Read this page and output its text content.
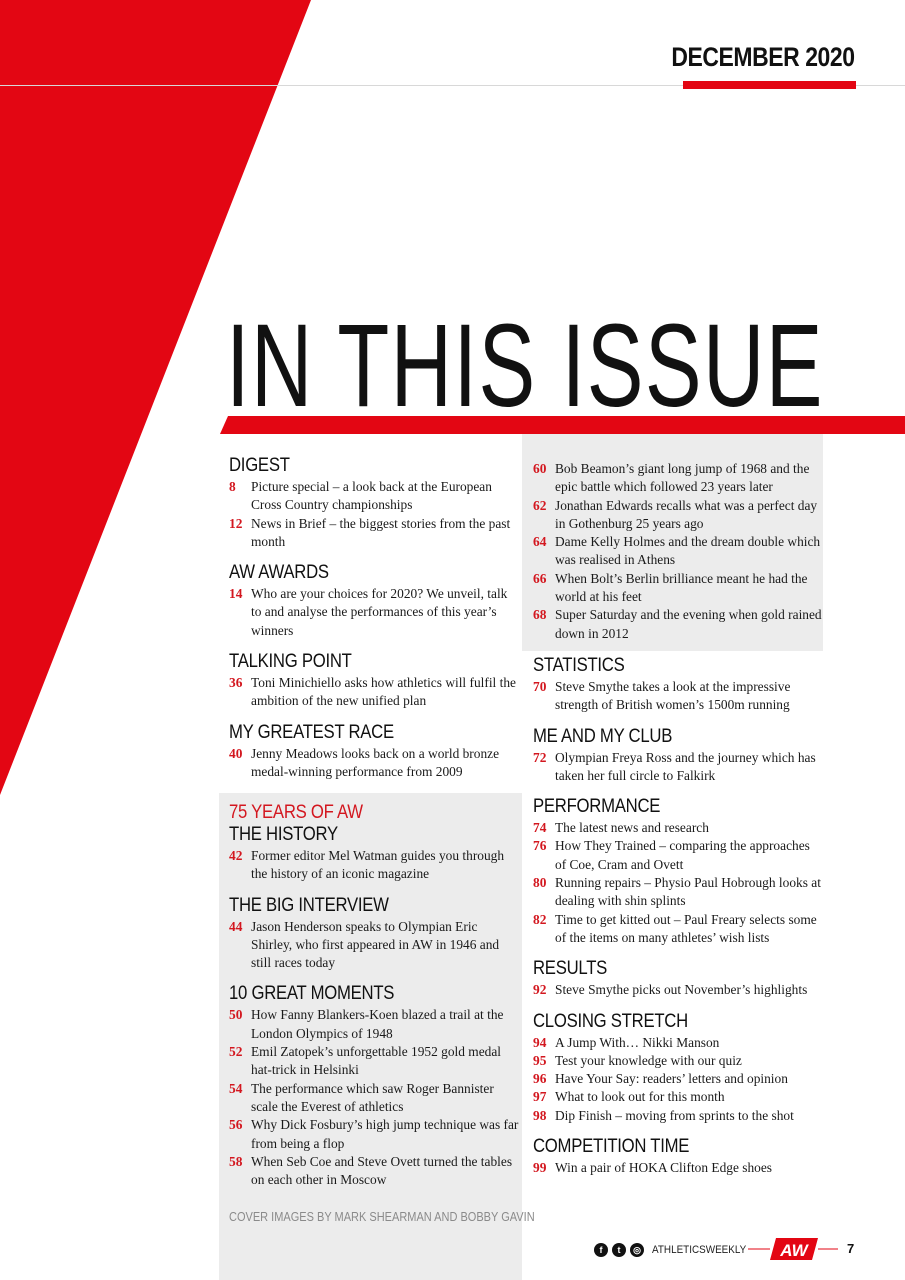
DECEMBER 2020
IN THIS ISSUE
DIGEST
8	Picture special – a look back at the European Cross Country championships
12 News in Brief – the biggest stories from the past month
AW AWARDS
14 Who are your choices for 2020? We unveil, talk to and analyse the performances of this year’s winners
TALKING POINT
36 Toni Minichiello asks how athletics will fulfil the ambition of the new unified plan
MY GREATEST RACE
40 Jenny Meadows looks back on a world bronze medal-winning performance from 2009
75 YEARS OF AW
THE HISTORY
42 Former editor Mel Watman guides you through the history of an iconic magazine
THE BIG INTERVIEW
44 Jason Henderson speaks to Olympian Eric Shirley, who first appeared in AW in 1946 and still races today
10 GREAT MOMENTS
50 How Fanny Blankers-Koen blazed a trail at the London Olympics of 1948
52 Emil Zatopek’s unforgettable 1952 gold medal hat-trick in Helsinki
54 The performance which saw Roger Bannister scale the Everest of athletics
56 Why Dick Fosbury’s high jump technique was far from being a flop
58 When Seb Coe and Steve Ovett turned the tables on each other in Moscow
60 Bob Beamon’s giant long jump of 1968 and the epic battle which followed 23 years later
62 Jonathan Edwards recalls what was a perfect day in Gothenburg 25 years ago
64 Dame Kelly Holmes and the dream double which was realised in Athens
66 When Bolt’s Berlin brilliance meant he had the world at his feet
68 Super Saturday and the evening when gold rained down in 2012
STATISTICS
70 Steve Smythe takes a look at the impressive strength of British women’s 1500m running
ME AND MY CLUB
72 Olympian Freya Ross and the journey which has taken her full circle to Falkirk
PERFORMANCE
74 The latest news and research
76 How They Trained – comparing the approaches of Coe, Cram and Ovett
80 Running repairs – Physio Paul Hobrough looks at dealing with shin splints
82 Time to get kitted out – Paul Freary selects some of the items on many athletes’ wish lists
RESULTS
92 Steve Smythe picks out November’s highlights
CLOSING STRETCH
94 A Jump With… Nikki Manson
95 Test your knowledge with our quiz
96 Have Your Say: readers’ letters and opinion
97 What to look out for this month
98 Dip Finish – moving from sprints to the shot
COMPETITION TIME
99 Win a pair of HOKA Clifton Edge shoes
COVER IMAGES BY MARK SHEARMAN AND BOBBY GAVIN
f	t	◎ ATHLETICSWEEKLY AW	7
